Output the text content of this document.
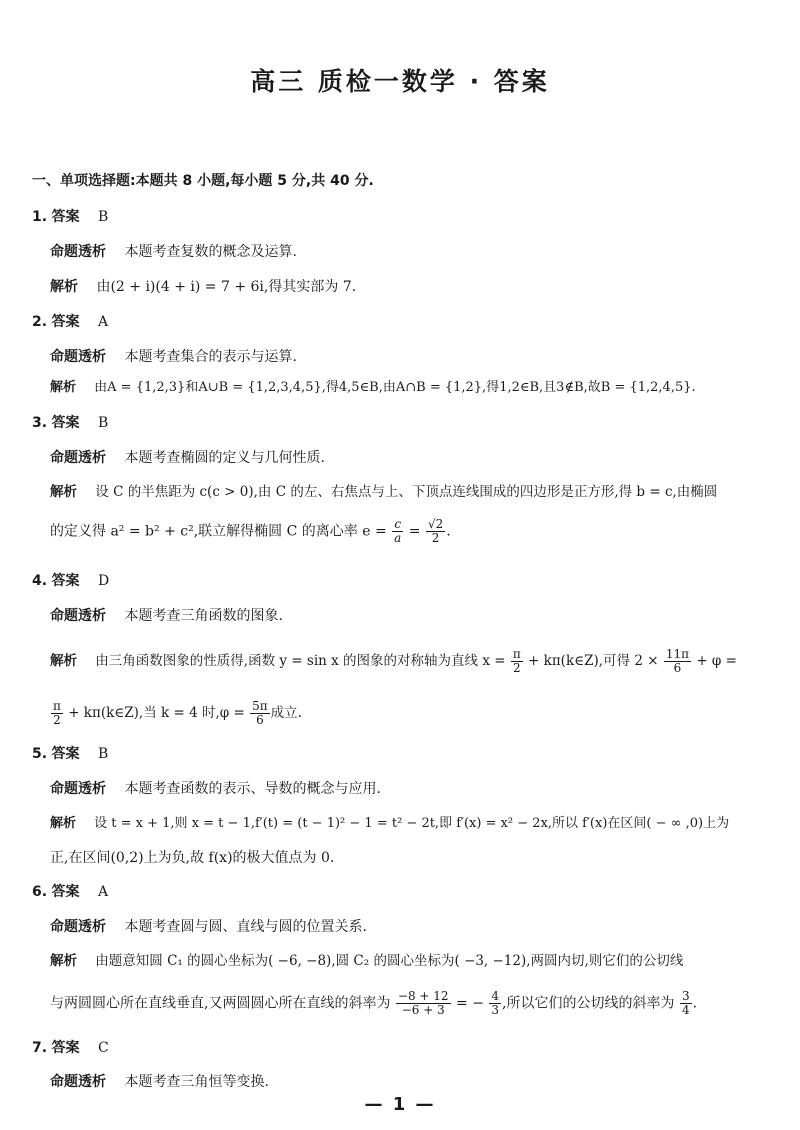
高三 质检一数学 · 答案
一、单项选择题:本题共 8 小题,每小题 5 分,共 40 分.
1. 答案 B
命题透析 本题考查复数的概念及运算.
解析 由(2 + i)(4 + i) = 7 + 6i,得其实部为 7.
2. 答案 A
命题透析 本题考查集合的表示与运算.
解析 由A = {1,2,3}和A∪B = {1,2,3,4,5},得4,5∈B,由A∩B = {1,2},得1,2∈B,且3∉B,故B = {1,2,4,5}.
3. 答案 B
命题透析 本题考查椭圆的定义与几何性质.
解析 设 C 的半焦距为 c(c > 0),由 C 的左、右焦点与上、下顶点连线围成的四边形是正方形,得 b = c,由椭圆
的定义得 a² = b² + c²,联立解得椭圆 C 的离心率 $e = \frac{c}{a} = \frac{√2}{2}$ .
4. 答案 D
命题透析 本题考查三角函数的图象.
解析 由三角函数图象的性质得,函数 y = sin x 的图象的对称轴为直线 $x = \frac{\pi}{2}$ + kπ(k∈Z),可得 $2 \times \frac{11\pi}{6} + \varphi$ =
$\frac{\pi}{2}$ + kπ(k∈Z),当 k = 4 时$,\varphi = \frac{5\pi}{6}$ 成立.
5. 答案 B
命题透析 本题考查函数的表示、导数的概念与应用.
解析 设 t = x + 1,则 x = t − 1,f′(t) = (t − 1)² − 1 = t² − 2t,即 f′(x) = x² − 2x,所以 f′(x)在区间( − ∞ ,0)上为
正,在区间(0,2)上为负,故 f(x)的极大值点为 0.
6. 答案 A
命题透析 本题考查圆与圆、直线与圆的位置关系.
解析 由题意知圆 C₁ 的圆心坐标为( −6, −8),圆 C₂ 的圆心坐标为( −3, −12),两圆内切,则它们的公切线
与两圆圆心所在直线垂直,又两圆圆心所在直线的斜率为 $\frac{-8 + 12}{-6 + 3}$ = − $\frac{4}{3}$ ,所以它们的公切线的斜率为 $\frac{3}{4}$ .
7. 答案 C
命题透析 本题考查三角恒等变换.
— 1 —
